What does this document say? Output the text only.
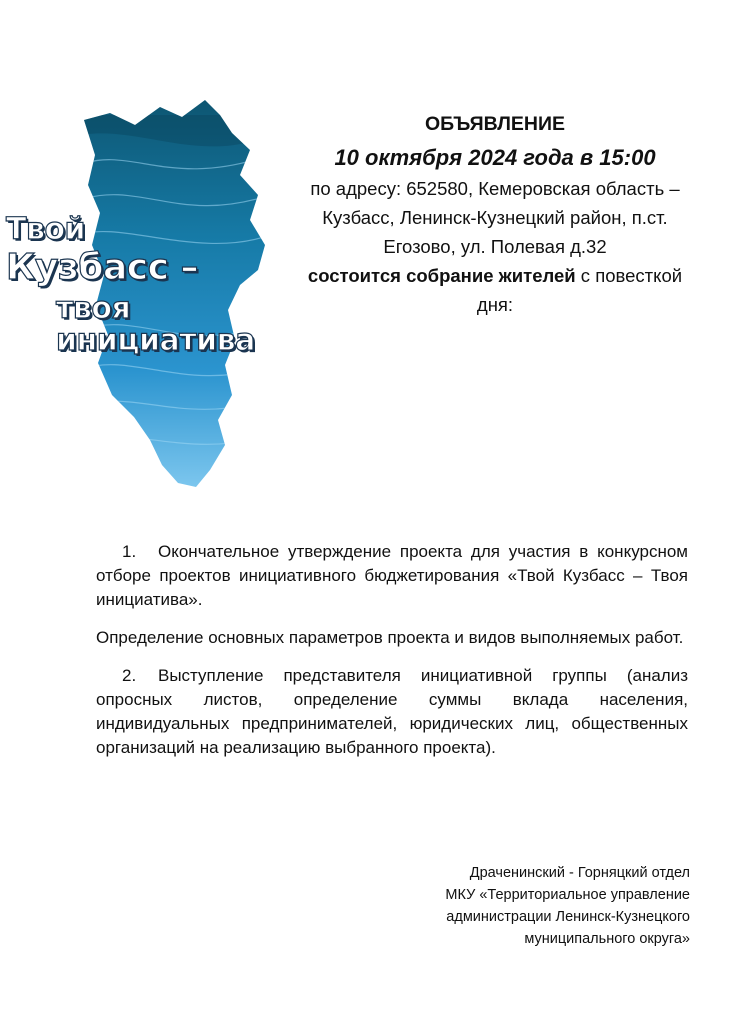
Твой
Кузбасс –
твоя
инициатива
ОБЪЯВЛЕНИЕ
10 октября 2024 года в 15:00
по адресу: 652580, Кемеровская область – Кузбасс, Ленинск-Кузнецкий район, п.ст. Егозово, ул. Полевая д.32
состоится собрание жителей с повесткой дня:

1. Окончательное утверждение проекта для участия в конкурсном отборе проектов инициативного бюджетирования «Твой Кузбасс – Твоя инициатива».

Определение основных параметров проекта и видов выполняемых работ.

2. Выступление представителя инициативной группы (анализ опросных листов, определение суммы вклада населения, индивидуальных предпринимателей, юридических лиц, общественных организаций на реализацию выбранного проекта).

Драченинский - Горняцкий отдел
МКУ «Территориальное управление
администрации Ленинск-Кузнецкого
муниципального округа»
